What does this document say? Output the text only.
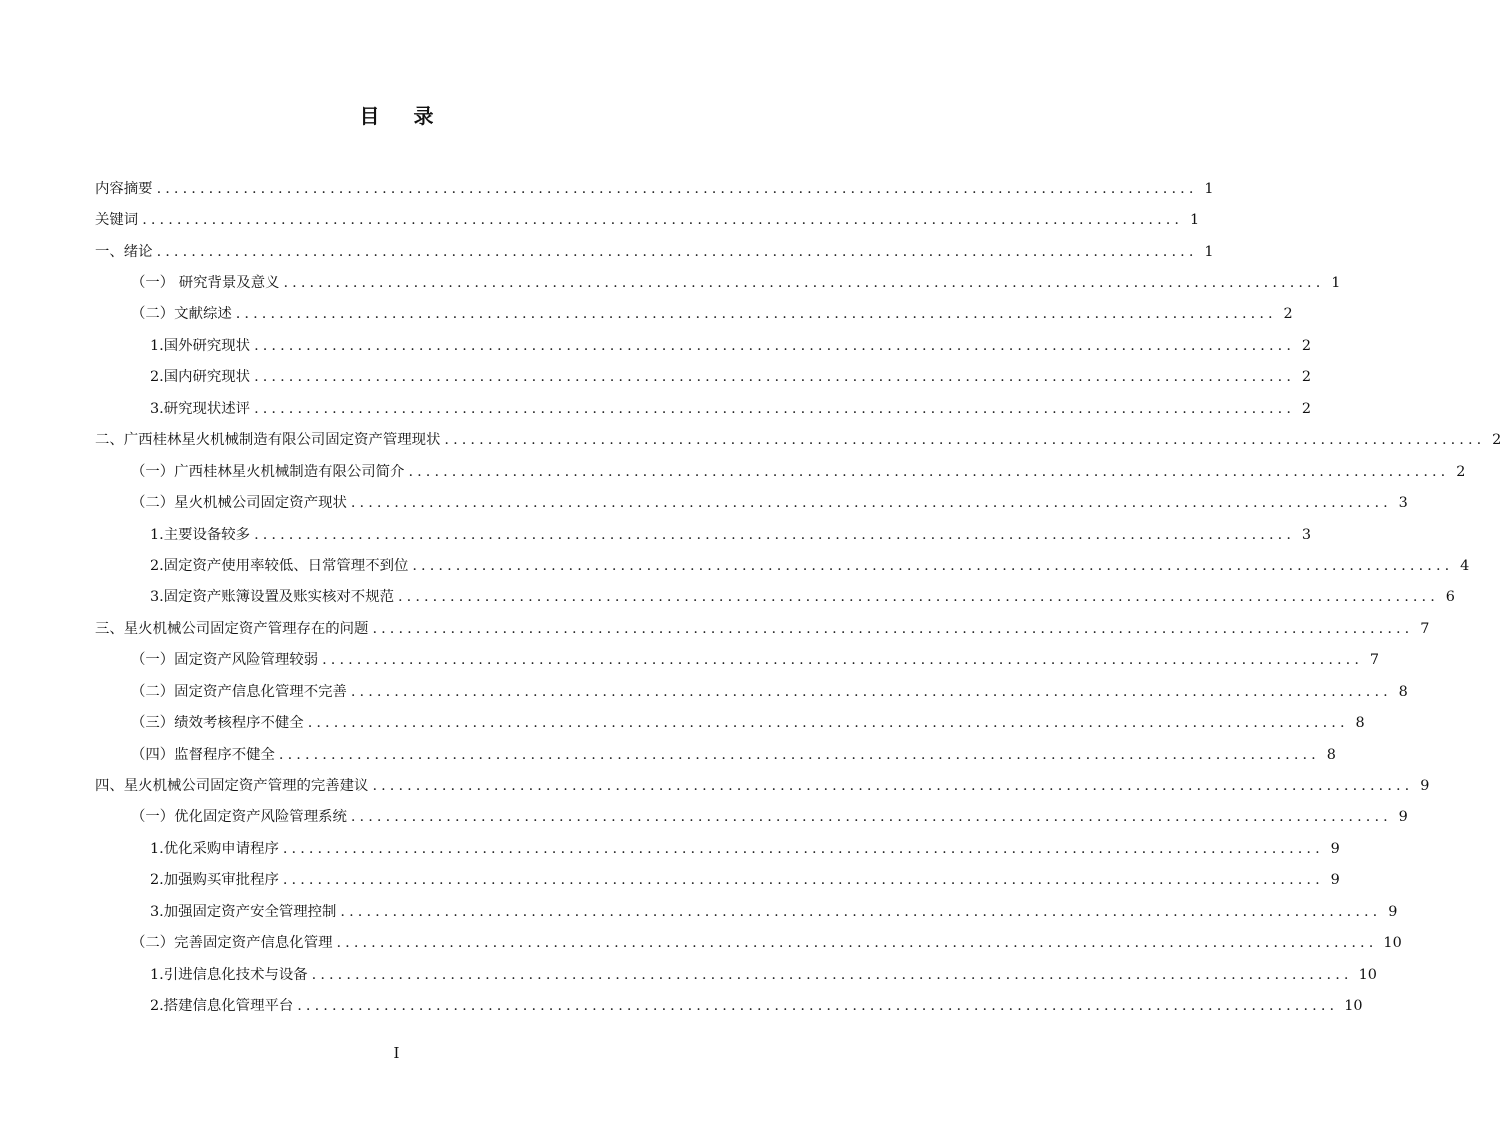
目 录
内容摘要 ........................................................................................................................ 1
关键词 ........................................................................................................................ 1
一、绪论 ........................................................................................................................ 1
（一） 研究背景及意义 ........................................................................................................................ 1
（二）文献综述 ........................................................................................................................ 2
1.国外研究现状 ........................................................................................................................ 2
2.国内研究现状 ........................................................................................................................ 2
3.研究现状述评 ........................................................................................................................ 2
二、广西桂林星火机械制造有限公司固定资产管理现状 ........................................................................................................................ 2
（一）广西桂林星火机械制造有限公司简介 ........................................................................................................................ 2
（二）星火机械公司固定资产现状 ........................................................................................................................ 3
1.主要设备较多 ........................................................................................................................ 3
2.固定资产使用率较低、日常管理不到位 ........................................................................................................................ 4
3.固定资产账簿设置及账实核对不规范 ........................................................................................................................ 6
三、星火机械公司固定资产管理存在的问题 ........................................................................................................................ 7
（一）固定资产风险管理较弱 ........................................................................................................................ 7
（二）固定资产信息化管理不完善 ........................................................................................................................ 8
（三）绩效考核程序不健全 ........................................................................................................................ 8
（四）监督程序不健全 ........................................................................................................................ 8
四、星火机械公司固定资产管理的完善建议 ........................................................................................................................ 9
（一）优化固定资产风险管理系统 ........................................................................................................................ 9
1.优化采购申请程序 ........................................................................................................................ 9
2.加强购买审批程序 ........................................................................................................................ 9
3.加强固定资产安全管理控制 ........................................................................................................................ 9
（二）完善固定资产信息化管理 ........................................................................................................................ 10
1.引进信息化技术与设备 ........................................................................................................................ 10
2.搭建信息化管理平台 ........................................................................................................................ 10
I
